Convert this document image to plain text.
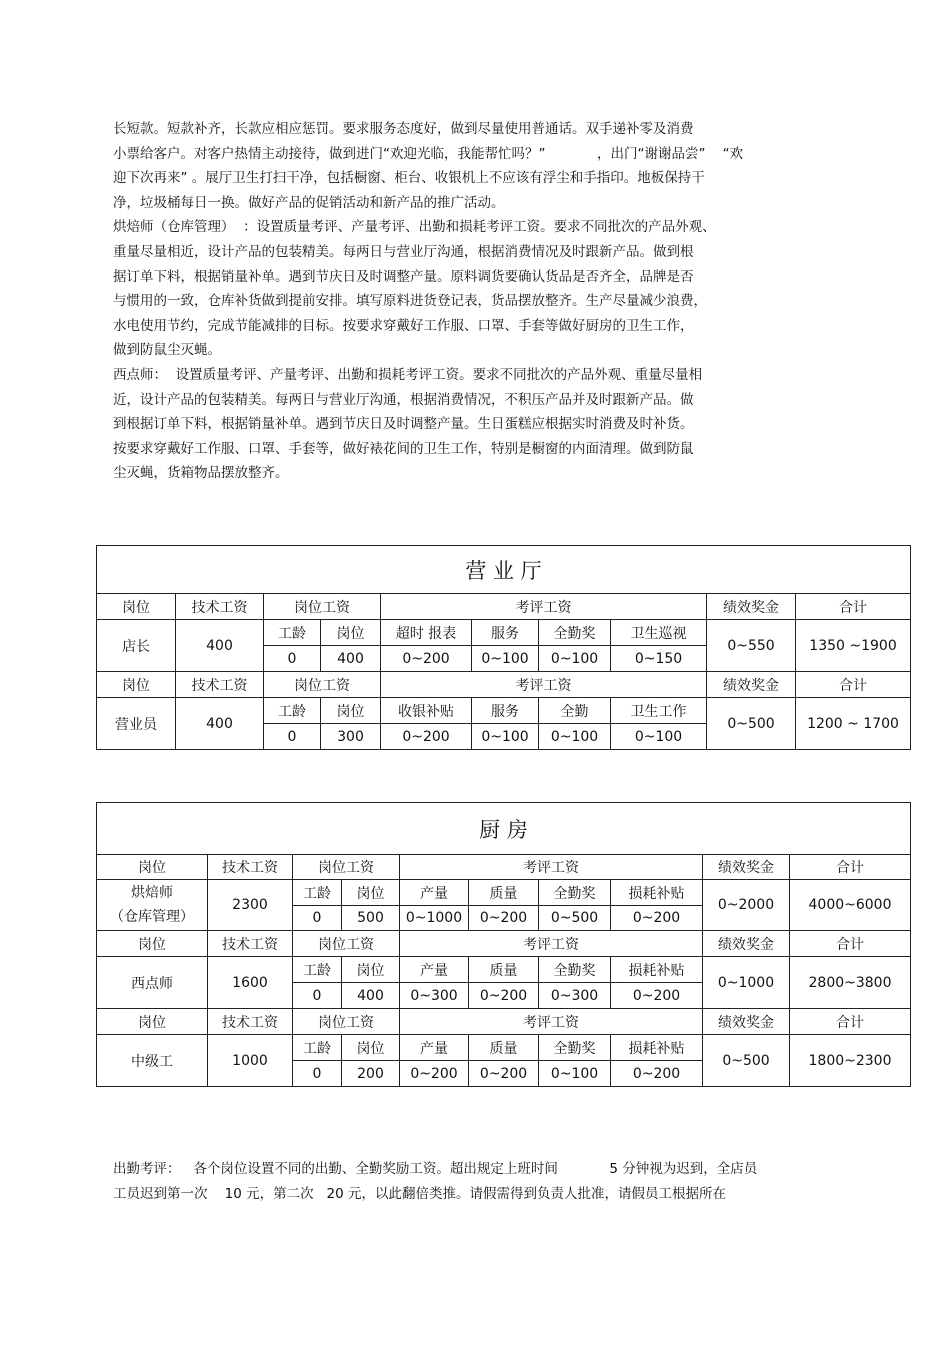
长短款。短款补齐，长款应相应惩罚。要求服务态度好，做到尽量使用普通话。双手递补零及消费
小票给客户。对客户热情主动接待，做到进门“欢迎光临，我能帮忙吗？”            ，出门“谢谢品尝”    “欢
迎下次再来” 。展厅卫生打扫干净，包括橱窗、柜台、收银机上不应该有浮尘和手指印。地板保持干
净，垃圾桶每日一换。做好产品的促销活动和新产品的推广活动。
烘焙师（仓库管理）  ：设置质量考评、产量考评、出勤和损耗考评工资。要求不同批次的产品外观、
重量尽量相近，设计产品的包装精美。每两日与营业厅沟通，根据消费情况及时跟新产品。做到根
据订单下料，根据销量补单。遇到节庆日及时调整产量。原料调货要确认货品是否齐全，品牌是否
与惯用的一致，仓库补货做到提前安排。填写原料进货登记表，货品摆放整齐。生产尽量减少浪费，
水电使用节约，完成节能减排的目标。按要求穿戴好工作服、口罩、手套等做好厨房的卫生工作，
做到防鼠尘灭蝇。
西点师：  设置质量考评、产量考评、出勤和损耗考评工资。要求不同批次的产品外观、重量尽量相
近，设计产品的包装精美。每两日与营业厅沟通，根据消费情况，不积压产品并及时跟新产品。做
到根据订单下料，根据销量补单。遇到节庆日及时调整产量。生日蛋糕应根据实时消费及时补货。
按要求穿戴好工作服、口罩、手套等，做好裱花间的卫生工作，特别是橱窗的内面清理。做到防鼠
尘灭蝇，货箱物品摆放整齐。
营 业 厅									
岗位	技术工资	岗位工资		考评工资				绩效奖金	合计
店长	400	工龄	岗位	超时 报表	服务	全勤奖	卫生巡视	0~550	1350 ~1900
		0	400	0~200	0~100	0~100	0~150		
岗位	技术工资	岗位工资		考评工资				绩效奖金	合计
营业员	400	工龄	岗位	收银补贴	服务	全勤	卫生工作	0~500	1200 ~ 1700
		0	300	0~200	0~100	0~100	0~100		
厨 房									
岗位	技术工资	岗位工资		考评工资				绩效奖金	合计

烘焙师
（仓库管理）	2300	工龄	岗位	产量	质量	全勤奖	损耗补贴	0~2000	4000~6000
		0	500	0~1000	0~200	0~500	0~200		
岗位	技术工资	岗位工资		考评工资				绩效奖金	合计
西点师	1600	工龄	岗位	产量	质量	全勤奖	损耗补贴	0~1000	2800~3800
		0	400	0~300	0~200	0~300	0~200		
岗位	技术工资	岗位工资		考评工资				绩效奖金	合计
中级工	1000	工龄	岗位	产量	质量	全勤奖	损耗补贴	0~500	1800~2300
		0	200	0~200	0~200	0~100	0~200		
出勤考评：   各个岗位设置不同的出勤、全勤奖励工资。超出规定上班时间            5 分钟视为迟到，全店员
工员迟到第一次    10 元，第二次   20 元，以此翻倍类推。请假需得到负责人批准，请假员工根据所在
